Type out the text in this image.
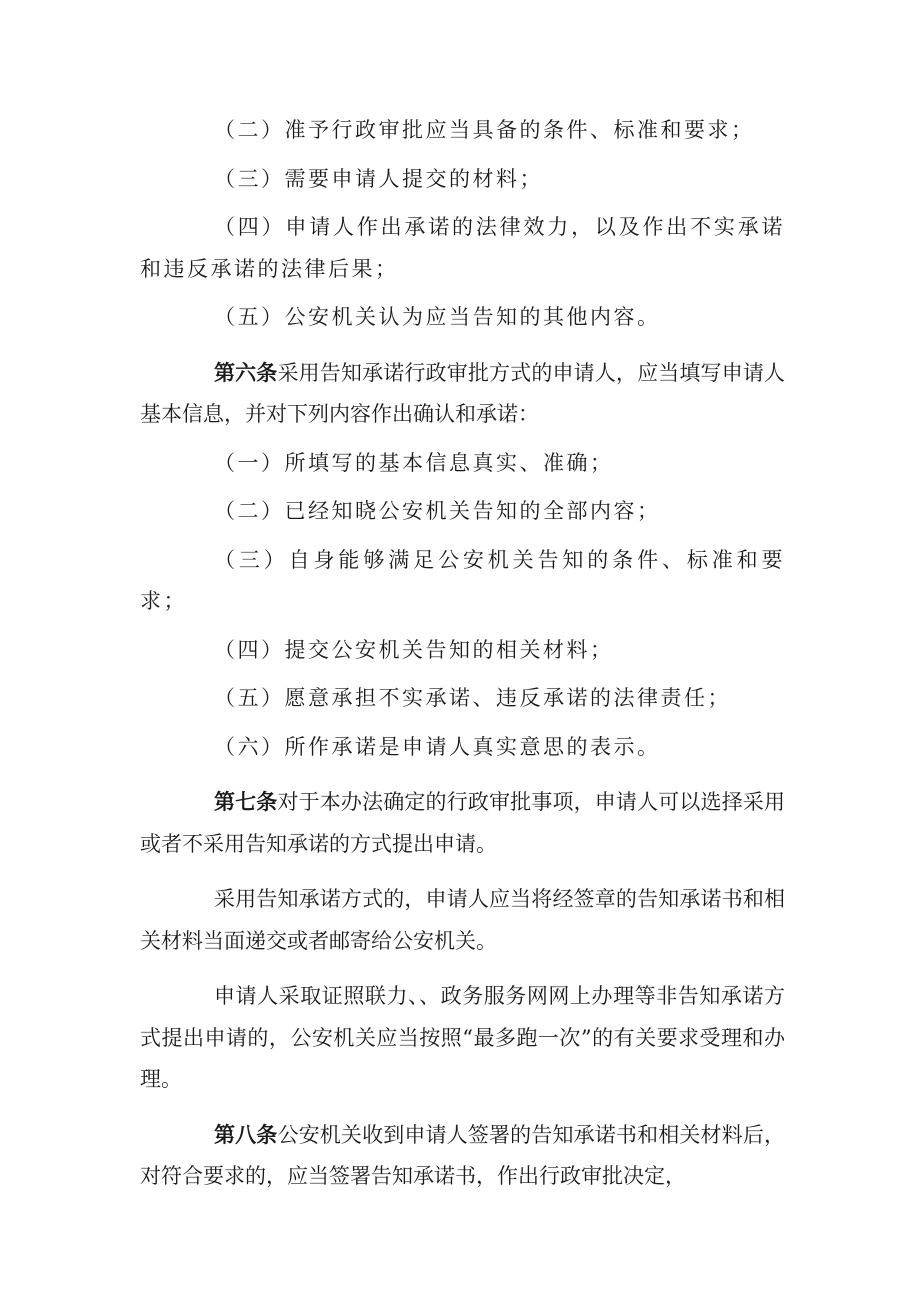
（二）准予行政审批应当具备的条件、标准和要求；

（三）需要申请人提交的材料；

（四）申请人作出承诺的法律效力，以及作出不实承诺和违反承诺的法律后果；

（五）公安机关认为应当告知的其他内容。

第六条采用告知承诺行政审批方式的申请人，应当填写申请人基本信息，并对下列内容作出确认和承诺：

（一）所填写的基本信息真实、准确；

（二）已经知晓公安机关告知的全部内容；

（三）自身能够满足公安机关告知的条件、标准和要求；

（四）提交公安机关告知的相关材料；

（五）愿意承担不实承诺、违反承诺的法律责任；

（六）所作承诺是申请人真实意思的表示。

第七条对于本办法确定的行政审批事项，申请人可以选择采用或者不采用告知承诺的方式提出申请。

采用告知承诺方式的，申请人应当将经签章的告知承诺书和相关材料当面递交或者邮寄给公安机关。

申请人采取证照联力、、政务服务网网上办理等非告知承诺方式提出申请的，公安机关应当按照“最多跑一次”的有关要求受理和办理。

第八条公安机关收到申请人签署的告知承诺书和相关材料后，对符合要求的，应当签署告知承诺书，作出行政审批决定，
